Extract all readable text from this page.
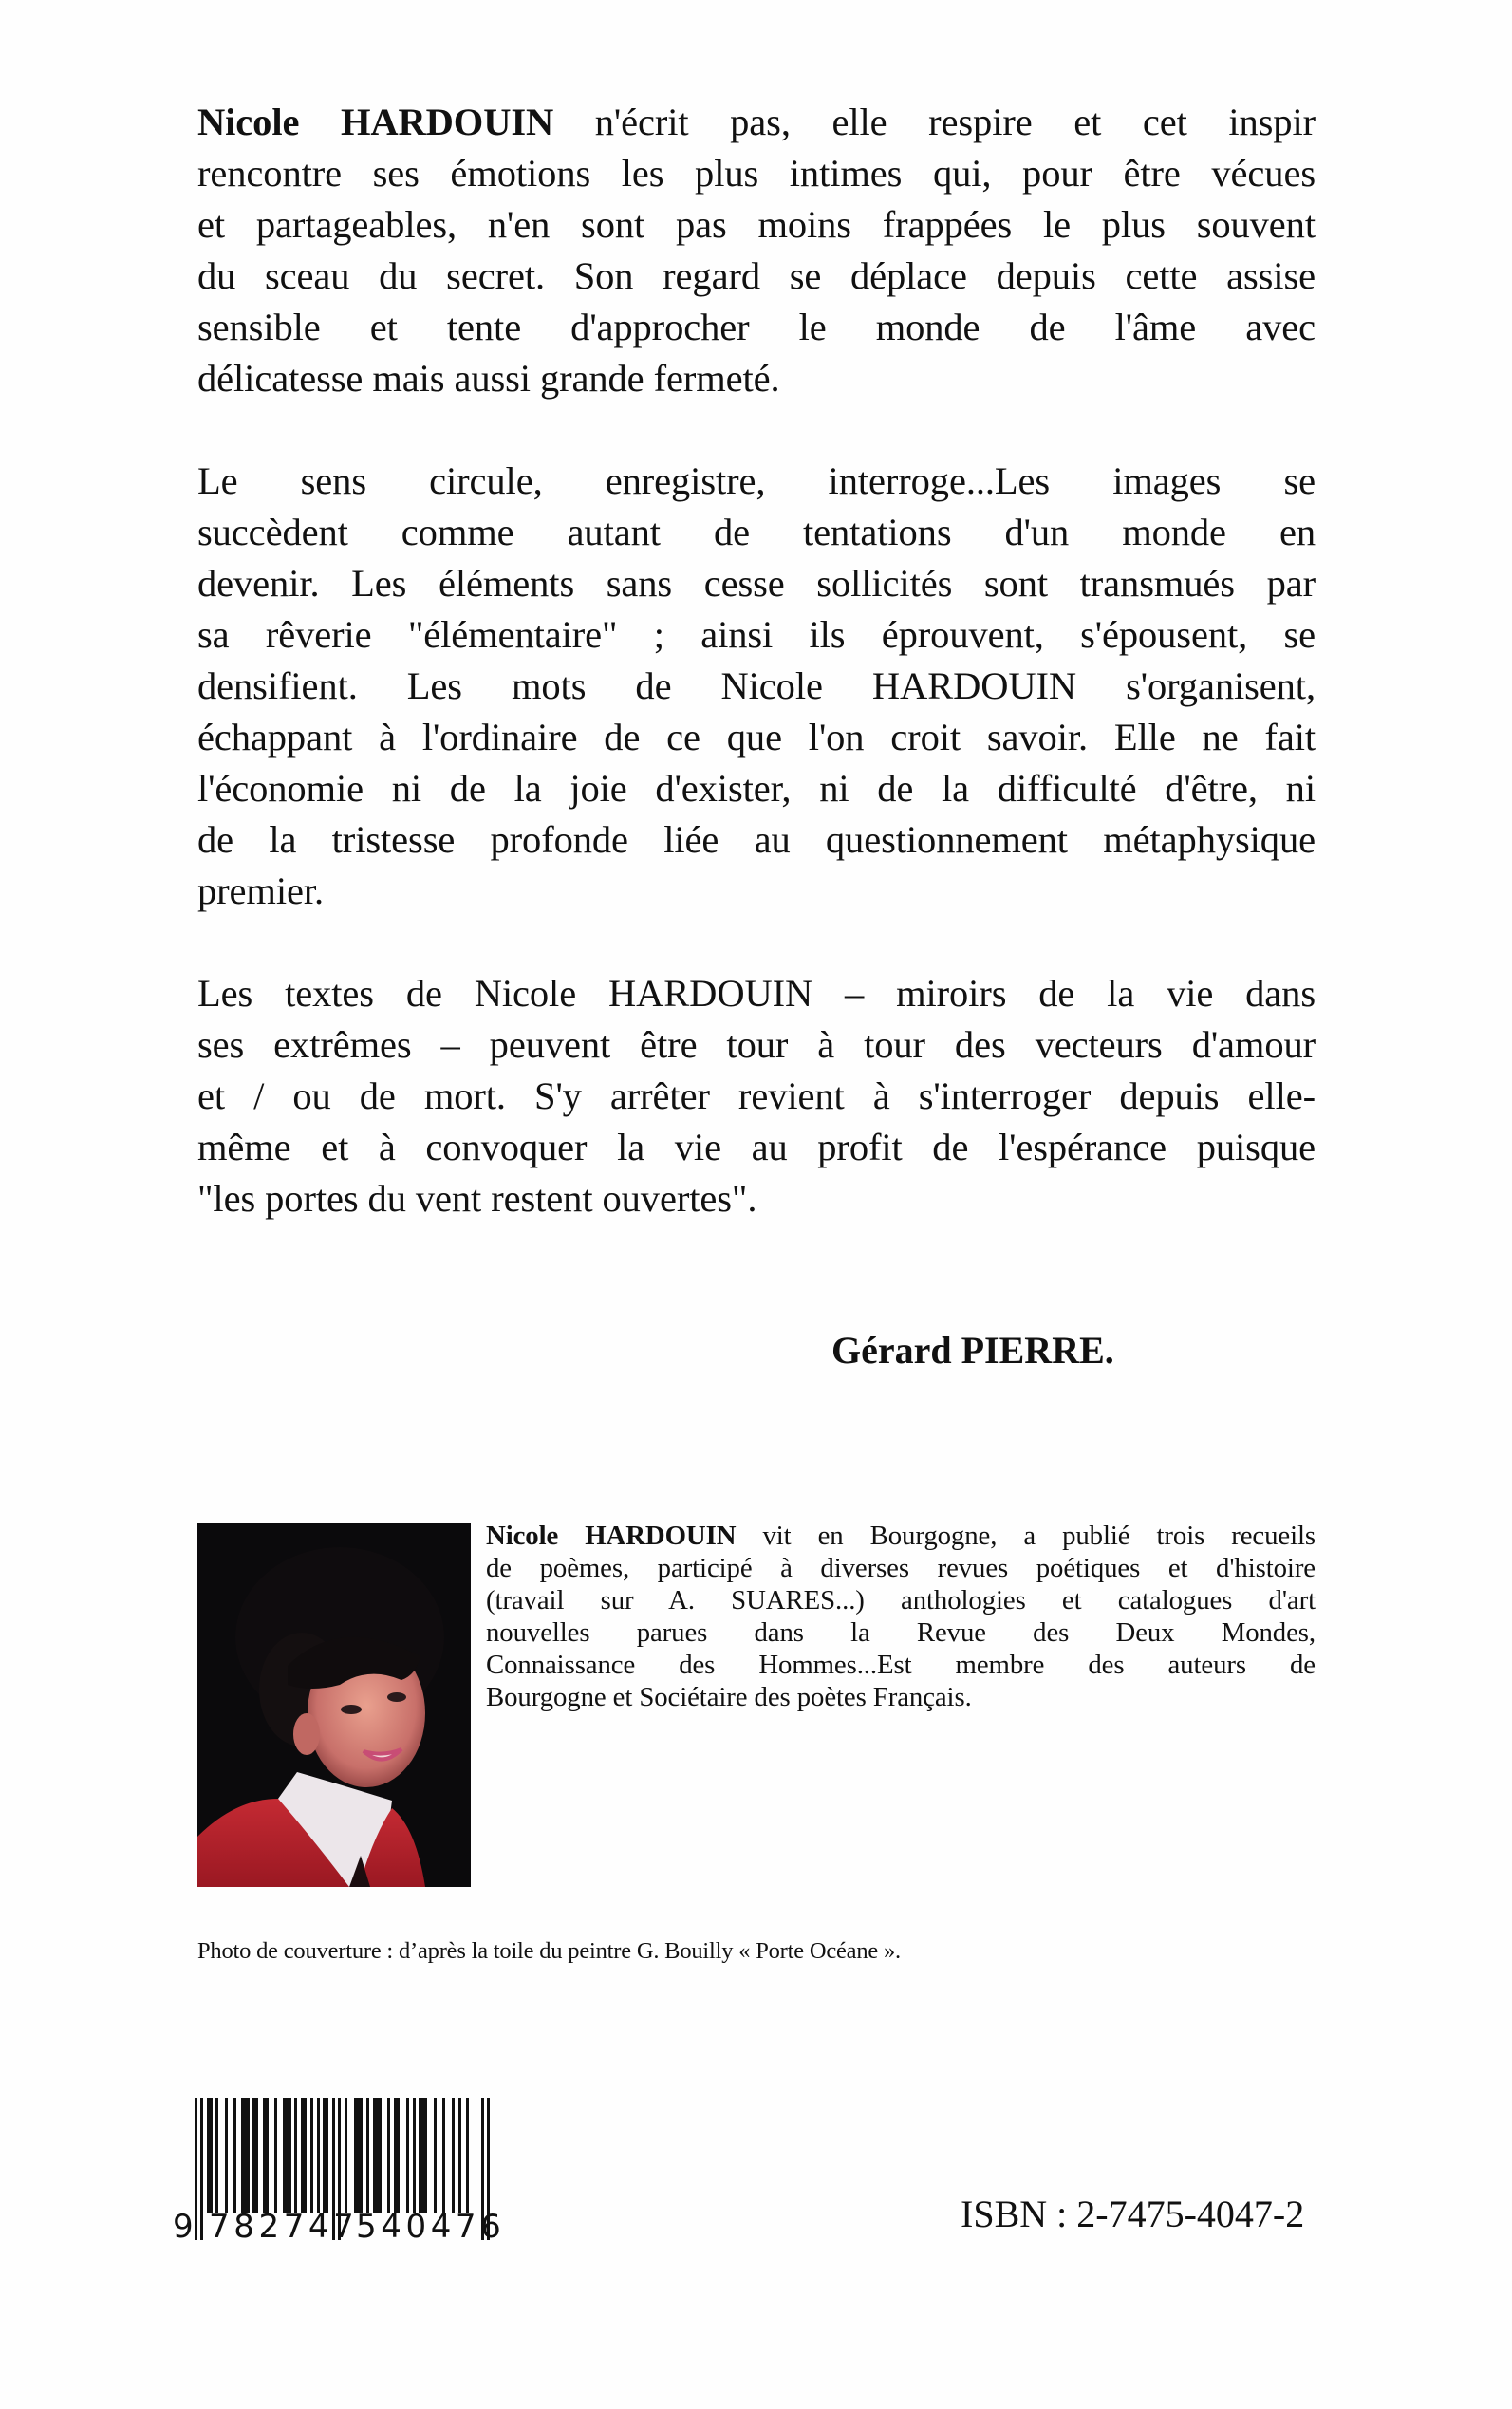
Nicole HARDOUIN n'écrit pas, elle respire et cet inspir
rencontre ses émotions les plus intimes qui, pour être vécues
et partageables, n'en sont pas moins frappées le plus souvent
du sceau du secret. Son regard se déplace depuis cette assise
sensible et tente d'approcher le monde de l'âme avec
délicatesse mais aussi grande fermeté.
Le sens circule, enregistre, interroge...Les images se
succèdent comme autant de tentations d'un monde en
devenir. Les éléments sans cesse sollicités sont transmués par
sa rêverie "élémentaire" ; ainsi ils éprouvent, s'épousent, se
densifient. Les mots de Nicole HARDOUIN s'organisent,
échappant à l'ordinaire de ce que l'on croit savoir. Elle ne fait
l'économie ni de la joie d'exister, ni de la difficulté d'être, ni
de la tristesse profonde liée au questionnement métaphysique
premier.
Les textes de Nicole HARDOUIN – miroirs de la vie dans
ses extrêmes – peuvent être tour à tour des vecteurs d'amour
et / ou de mort. S'y arrêter revient à s'interroger depuis elle-
même et à convoquer la vie au profit de l'espérance puisque
"les portes du vent restent ouvertes".
Gérard PIERRE.
Nicole HARDOUIN vit en Bourgogne, a publié trois recueils
de poèmes, participé à diverses revues poétiques et d'histoire
(travail sur A. SUARES...) anthologies et catalogues d'art
nouvelles parues dans la Revue des Deux Mondes,
Connaissance des Hommes...Est membre des auteurs de
Bourgogne et Sociétaire des poètes Français.
Photo de couverture : d’après la toile du peintre G. Bouilly « Porte Océane ».
9 782747
540476	ISBN : 2-7475-4047-2
